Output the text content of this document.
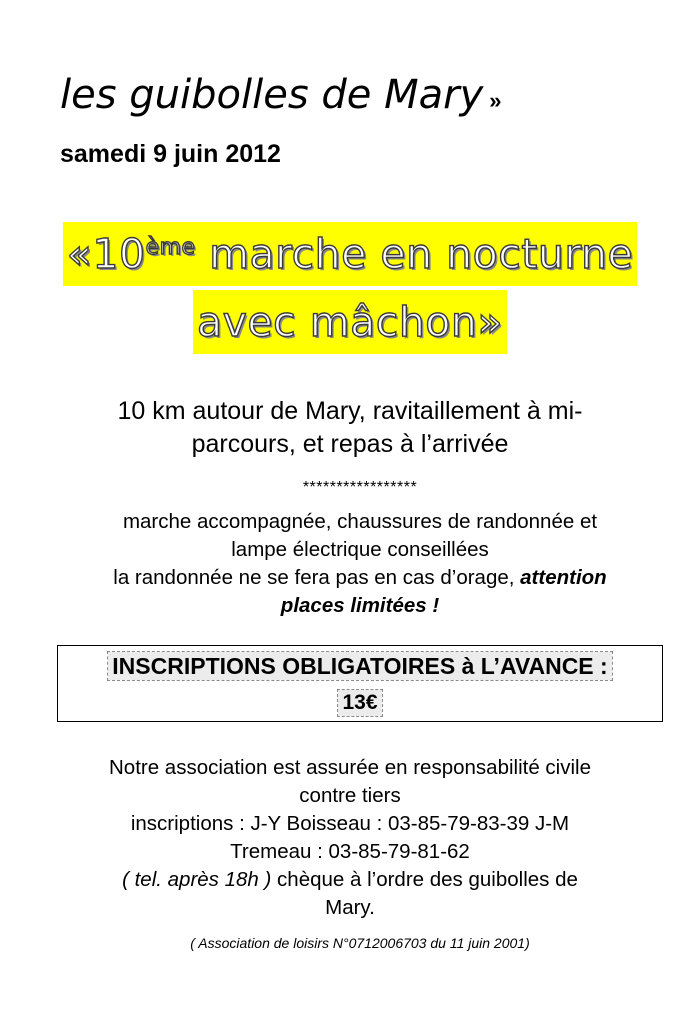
les guibolles de Mary »
samedi 9 juin 2012
«10ème marche en nocturne
avec mâchon»
10 km autour de Mary, ravitaillement à mi-
parcours, et repas à l’arrivée
*****************
marche accompagnée, chaussures de randonnée et
lampe électrique conseillées
la randonnée ne se fera pas en cas d’orage, attention
places limitées !
INSCRIPTIONS OBLIGATOIRES à L’AVANCE :
13€
Notre association est assurée en responsabilité civile
contre tiers
inscriptions : J-Y Boisseau : 03-85-79-83-39 J-M
Tremeau : 03-85-79-81-62
( tel. après 18h ) chèque à l’ordre des guibolles de
Mary.
( Association de loisirs N°0712006703 du 11 juin 2001)
